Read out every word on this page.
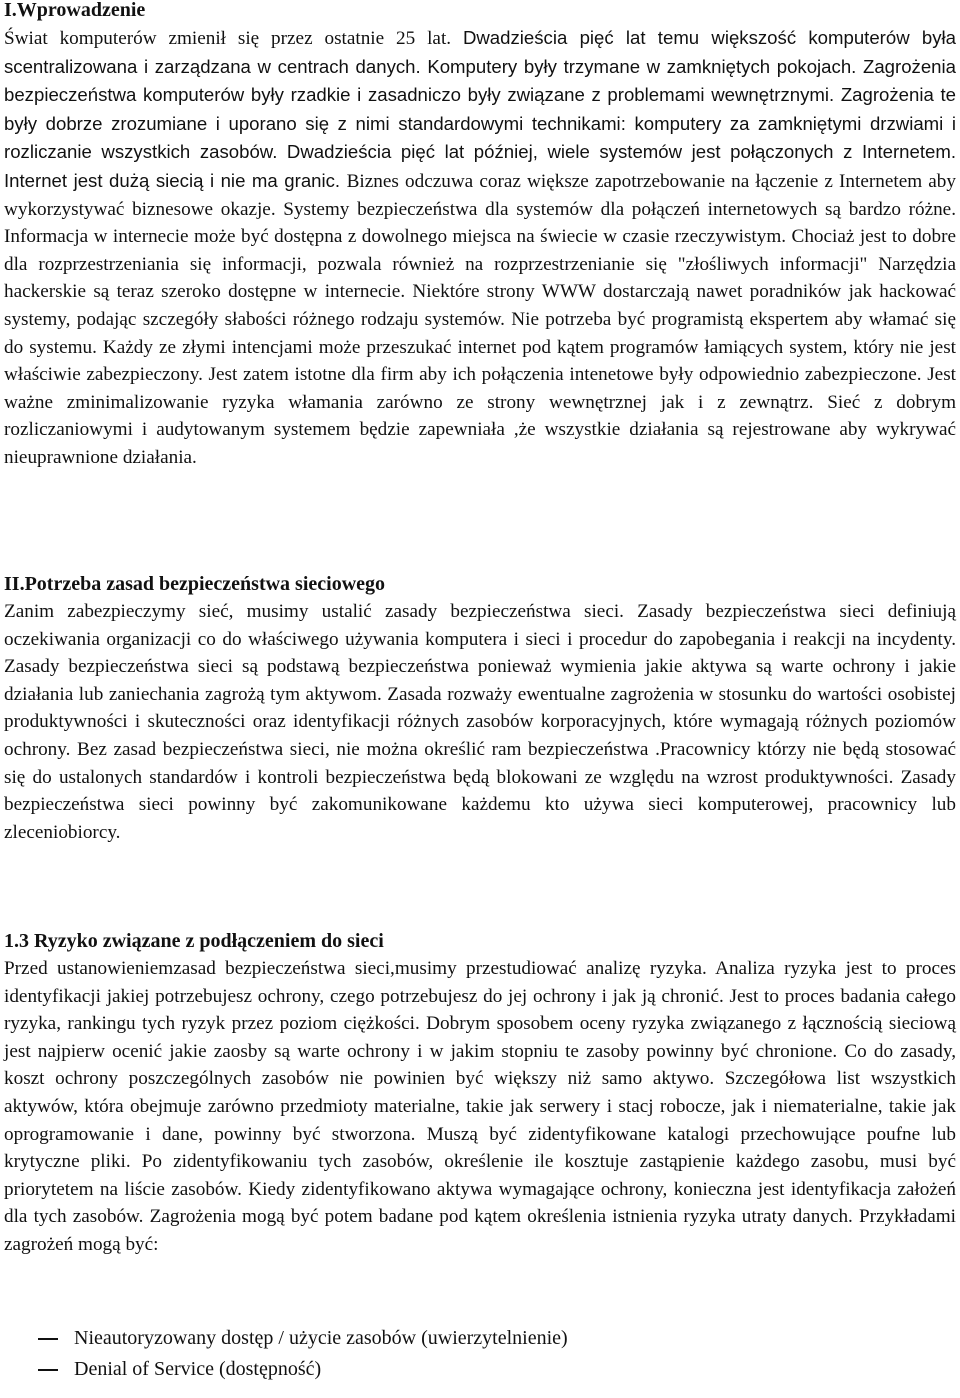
I.Wprowadzenie

Świat komputerów zmienił się przez ostatnie 25 lat. Dwadzieścia pięć lat temu większość komputerów była scentralizowana i zarządzana w centrach danych. Komputery były trzymane w zamkniętych pokojach. Zagrożenia bezpieczeństwa komputerów były rzadkie i zasadniczo były związane z problemami wewnętrznymi. Zagrożenia te były dobrze zrozumiane i uporano się z nimi standardowymi technikami: komputery za zamkniętymi drzwiami i rozliczanie wszystkich zasobów. Dwadzieścia pięć lat później, wiele systemów jest połączonych z Internetem. Internet jest dużą siecią i nie ma granic. Biznes odczuwa coraz większe zapotrzebowanie na łączenie z Internetem aby wykorzystywać biznesowe okazje. Systemy bezpieczeństwa dla systemów dla połączeń internetowych są bardzo różne. Informacja w internecie może być dostępna z dowolnego miejsca na świecie w czasie rzeczywistym. Chociaż jest to dobre dla rozprzestrzeniania się informacji, pozwala również na rozprzestrzenianie się "złośliwych informacji" Narzędzia hackerskie są teraz szeroko dostępne w internecie. Niektóre strony WWW dostarczają nawet poradników jak hackować systemy, podając szczegóły słabości różnego rodzaju systemów. Nie potrzeba być programistą ekspertem aby włamać się do systemu. Każdy ze złymi intencjami może przeszukać internet pod kątem programów łamiących system, który nie jest właściwie zabezpieczony. Jest zatem istotne dla firm aby ich połączenia intenetowe były odpowiednio zabezpieczone. Jest ważne zminimalizowanie ryzyka włamania zarówno ze strony wewnętrznej jak i z zewnątrz. Sieć z dobrym rozliczaniowymi i audytowanym systemem będzie zapewniała ,że wszystkie działania są rejestrowane aby wykrywać nieuprawnione działania.

II.Potrzeba zasad bezpieczeństwa sieciowego

Zanim zabezpieczymy sieć, musimy ustalić zasady bezpieczeństwa sieci. Zasady bezpieczeństwa sieci definiują oczekiwania organizacji co do właściwego używania komputera i sieci i procedur do zapobegania i reakcji na incydenty. Zasady bezpieczeństwa sieci są podstawą bezpieczeństwa ponieważ wymienia jakie aktywa są warte ochrony i jakie działania lub zaniechania zagrożą tym aktywom. Zasada rozważy ewentualne zagrożenia w stosunku do wartości osobistej produktywności i skuteczności oraz identyfikacji różnych zasobów korporacyjnych, które wymagają różnych poziomów ochrony. Bez zasad bezpieczeństwa sieci, nie można określić ram bezpieczeństwa .Pracownicy którzy nie będą stosować się do ustalonych standardów i kontroli bezpieczeństwa będą blokowani ze względu na wzrost produktywności. Zasady bezpieczeństwa sieci powinny być zakomunikowane każdemu kto używa sieci komputerowej, pracownicy lub zleceniobiorcy.

1.3 Ryzyko związane z podłączeniem do sieci

Przed ustanowieniemzasad bezpieczeństwa sieci,musimy przestudiować analizę ryzyka. Analiza ryzyka jest to proces identyfikacji jakiej potrzebujesz ochrony, czego potrzebujesz do jej ochrony i jak ją chronić. Jest to proces badania całego ryzyka, rankingu tych ryzyk przez poziom ciężkości. Dobrym sposobem oceny ryzyka związanego z łącznością sieciową jest najpierw ocenić jakie zaosby są warte ochrony i w jakim stopniu te zasoby powinny być chronione. Co do zasady, koszt ochrony poszczególnych zasobów nie powinien być większy niż samo aktywo. Szczegółowa list wszystkich aktywów, która obejmuje zarówno przedmioty materialne, takie jak serwery i stacj robocze, jak i niematerialne, takie jak oprogramowanie i dane, powinny być stworzona. Muszą być zidentyfikowane katalogi przechowujące poufne lub krytyczne pliki. Po zidentyfikowaniu tych zasobów, określenie ile kosztuje zastąpienie każdego zasobu, musi być priorytetem na liście zasobów. Kiedy zidentyfikowano aktywa wymagające ochrony, konieczna jest identyfikacja założeń dla tych zasobów. Zagrożenia mogą być potem badane pod kątem określenia istnienia ryzyka utraty danych. Przykładami zagrożeń mogą być:

Nieautoryzowany dostęp / użycie zasobów (uwierzytelnienie)
Denial of Service (dostępność)
